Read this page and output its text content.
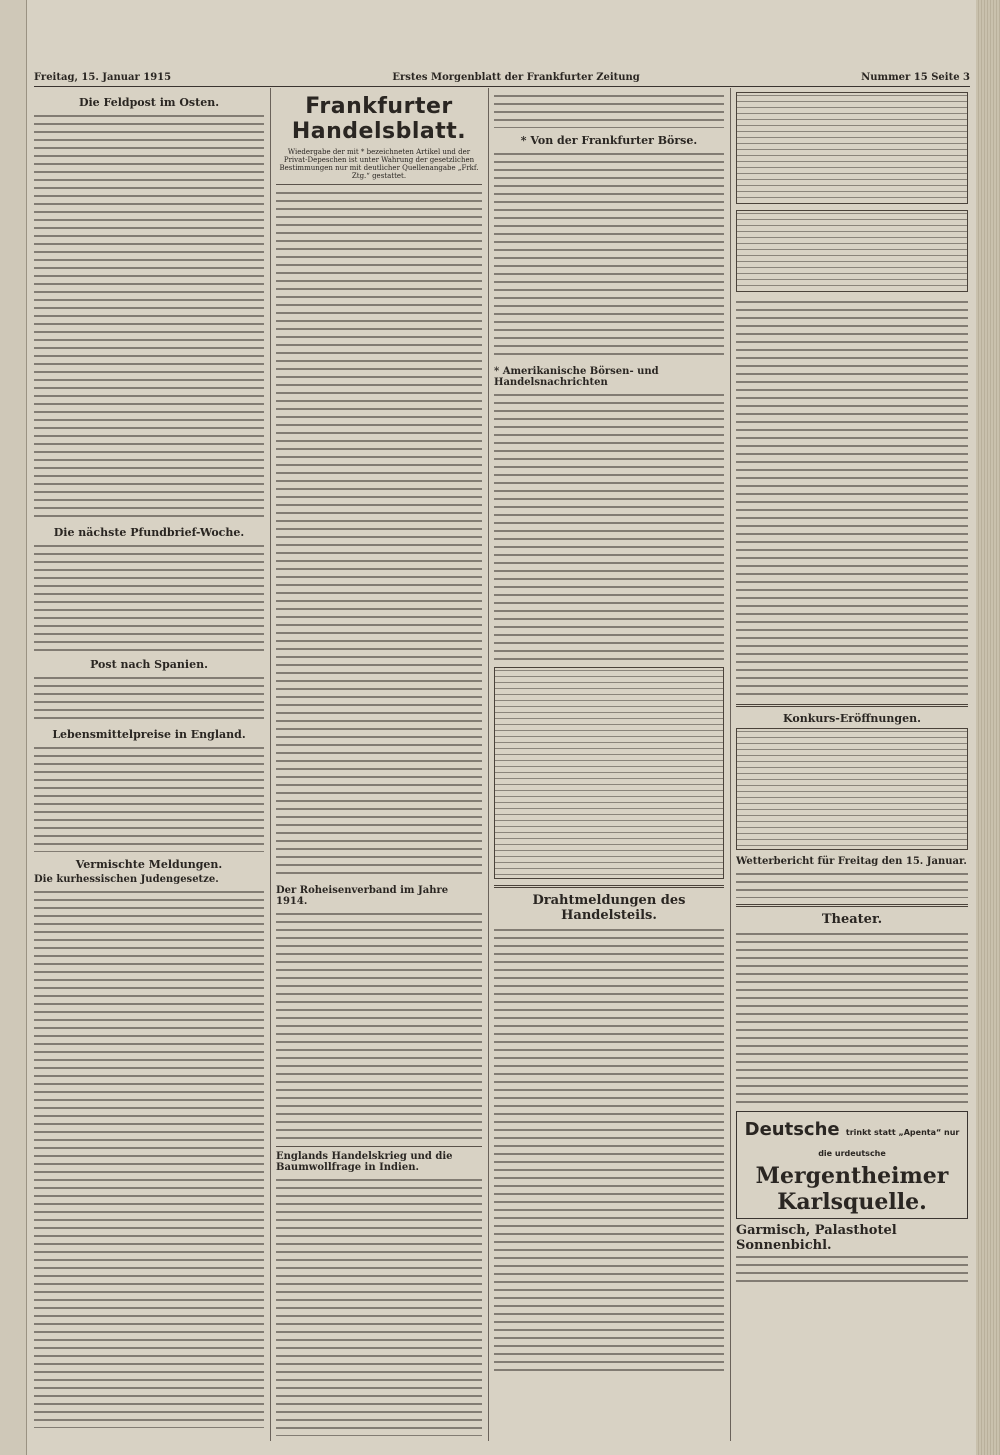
Freitag, 15. Januar 1915	Erstes Morgenblatt der Frankfurter Zeitung	Nummer 15 Seite 3
Die Feldpost im Osten.
Die nächste Pfundbrief-Woche.
Post nach Spanien.
Lebensmittelpreise in England.
Vermischte Meldungen.
Die kurhessischen Judengesetze.
Frankfurter Handelsblatt.
Wiedergabe der mit * bezeichneten Artikel und der Privat-Depeschen ist unter Wahrung der gesetzlichen Bestimmungen nur mit deutlicher Quellenangabe „Frkf. Ztg.“ gestattet.
Der Roheisenverband im Jahre 1914.
Englands Handelskrieg und die Baumwollfrage in Indien.
* Von der Frankfurter Börse.
* Amerikanische Börsen- und Handelsnachrichten
Drahtmeldungen des Handelsteils.
Konkurs-Eröffnungen.
Wetterbericht für Freitag den 15. Januar.
Theater.
Deutsche trinkt statt „Apenta“ nur die urdeutsche
Mergentheimer Karlsquelle.
Garmisch, Palasthotel Sonnenbichl.
